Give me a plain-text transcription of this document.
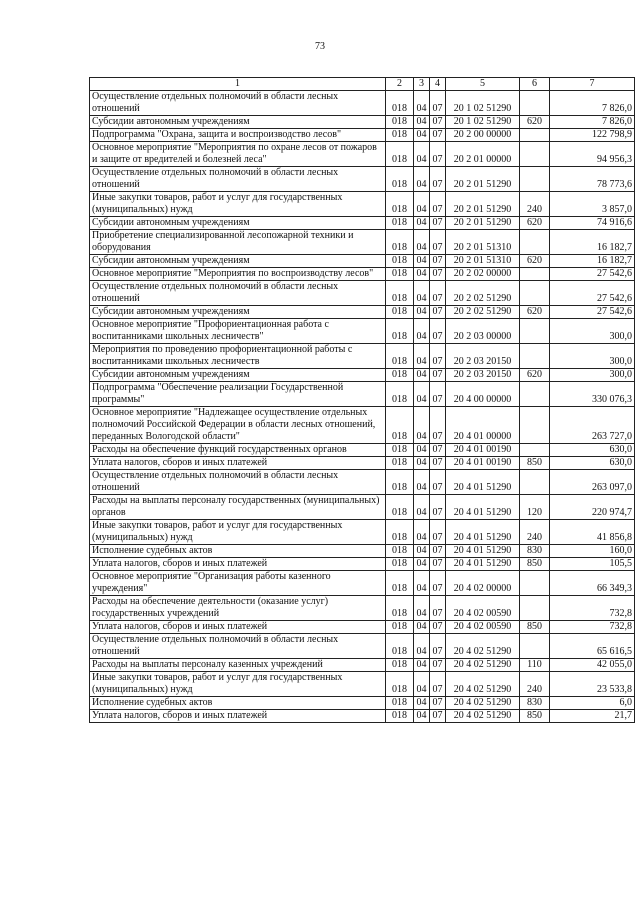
73
1	2	3	4	5	6	7
Осуществление отдельных полномочий в области лесных отношений	018	04	07	20 1 02 51290		7 826,0
Субсидии автономным учреждениям	018	04	07	20 1 02 51290	620	7 826,0
Подпрограмма "Охрана, защита и воспроизводство лесов"	018	04	07	20 2 00 00000		122 798,9
Основное мероприятие "Мероприятия по охране лесов от пожаров и защите от вредителей и болезней леса"	018	04	07	20 2 01 00000		94 956,3
Осуществление отдельных полномочий в области лесных отношений	018	04	07	20 2 01 51290		78 773,6
Иные закупки товаров, работ и услуг для государственных (муниципальных) нужд	018	04	07	20 2 01 51290	240	3 857,0
Субсидии автономным учреждениям	018	04	07	20 2 01 51290	620	74 916,6
Приобретение специализированной лесопожарной техники и оборудования	018	04	07	20 2 01 51310		16 182,7
Субсидии автономным учреждениям	018	04	07	20 2 01 51310	620	16 182,7
Основное мероприятие "Мероприятия по воспроизводству лесов"	018	04	07	20 2 02 00000		27 542,6
Осуществление отдельных полномочий в области лесных отношений	018	04	07	20 2 02 51290		27 542,6
Субсидии автономным учреждениям	018	04	07	20 2 02 51290	620	27 542,6
Основное мероприятие "Профориентационная работа с воспитанниками школьных лесничеств"	018	04	07	20 2 03 00000		300,0
Мероприятия по проведению профориентационной работы с воспитанниками школьных лесничеств	018	04	07	20 2 03 20150		300,0
Субсидии автономным учреждениям	018	04	07	20 2 03 20150	620	300,0
Подпрограмма "Обеспечение реализации Государственной программы"	018	04	07	20 4 00 00000		330 076,3
Основное мероприятие "Надлежащее осуществление отдельных полномочий Российской Федерации в области лесных отношений, переданных Вологодской области"	018	04	07	20 4 01 00000		263 727,0
Расходы на обеспечение функций государственных органов	018	04	07	20 4 01 00190		630,0
Уплата налогов, сборов и иных платежей	018	04	07	20 4 01 00190	850	630,0
Осуществление отдельных полномочий в области лесных отношений	018	04	07	20 4 01 51290		263 097,0
Расходы на выплаты персоналу государственных (муниципальных) органов	018	04	07	20 4 01 51290	120	220 974,7
Иные закупки товаров, работ и услуг для государственных (муниципальных) нужд	018	04	07	20 4 01 51290	240	41 856,8
Исполнение судебных актов	018	04	07	20 4 01 51290	830	160,0
Уплата налогов, сборов и иных платежей	018	04	07	20 4 01 51290	850	105,5
Основное мероприятие "Организация работы казенного учреждения"	018	04	07	20 4 02 00000		66 349,3
Расходы на обеспечение деятельности (оказание услуг) государственных учреждений	018	04	07	20 4 02 00590		732,8
Уплата налогов, сборов и иных платежей	018	04	07	20 4 02 00590	850	732,8
Осуществление отдельных полномочий в области лесных отношений	018	04	07	20 4 02 51290		65 616,5
Расходы на выплаты персоналу казенных учреждений	018	04	07	20 4 02 51290	110	42 055,0
Иные закупки товаров, работ и услуг для государственных (муниципальных) нужд	018	04	07	20 4 02 51290	240	23 533,8
Исполнение судебных актов	018	04	07	20 4 02 51290	830	6,0
Уплата налогов, сборов и иных платежей	018	04	07	20 4 02 51290	850	21,7
